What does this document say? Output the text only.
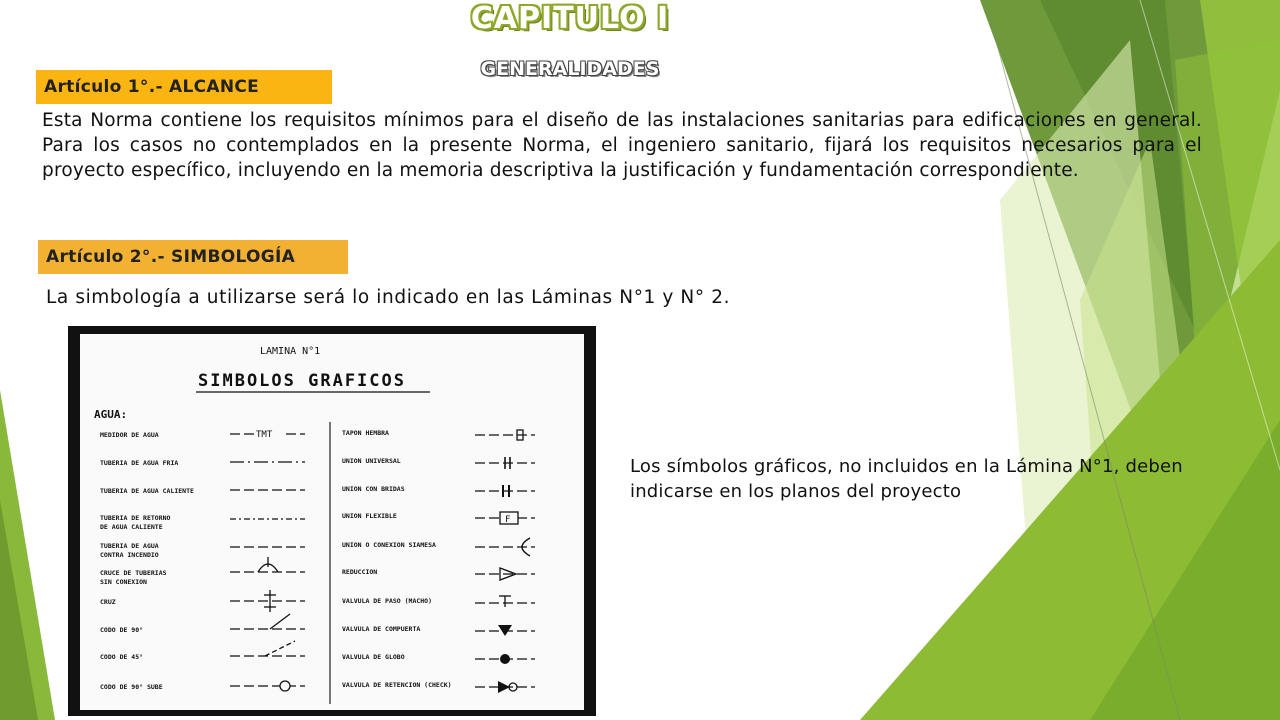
CAPITULO I
GENERALIDADES
Artículo 1°.- ALCANCE
Esta Norma contiene los requisitos mínimos para el diseño de las instalaciones sanitarias para edificaciones en general. Para los casos no contemplados en la presente Norma, el ingeniero sanitario, fijará los requisitos necesarios para el proyecto específico, incluyendo en la memoria descriptiva la justificación y fundamentación correspondiente.
Artículo 2°.- SIMBOLOGÍA
La simbología a utilizarse será lo indicado en las Láminas N°1 y N° 2.
LAMINA N°1
SIMBOLOS GRAFICOS
AGUA:
MEDIDOR DE AGUA
TUBERIA DE AGUA FRIA
TUBERIA DE AGUA CALIENTE
TUBERIA DE RETORNO
DE AGUA CALIENTE
TUBERIA DE AGUA
CONTRA INCENDIO
CRUCE DE TUBERIAS
SIN CONEXION
CRUZ
CODO DE 90°
CODO DE 45°
CODO DE 90° SUBE
TAPON HEMBRA
UNION UNIVERSAL
UNION CON BRIDAS
UNION FLEXIBLE
UNION O CONEXION SIAMESA
REDUCCION
VALVULA DE PASO (MACHO)
VALVULA DE COMPUERTA
VALVULA DE GLOBO
VALVULA DE RETENCION (CHECK)
TMT
F
Los símbolos gráficos, no incluidos en la Lámina N°1, deben indicarse en los planos del proyecto
